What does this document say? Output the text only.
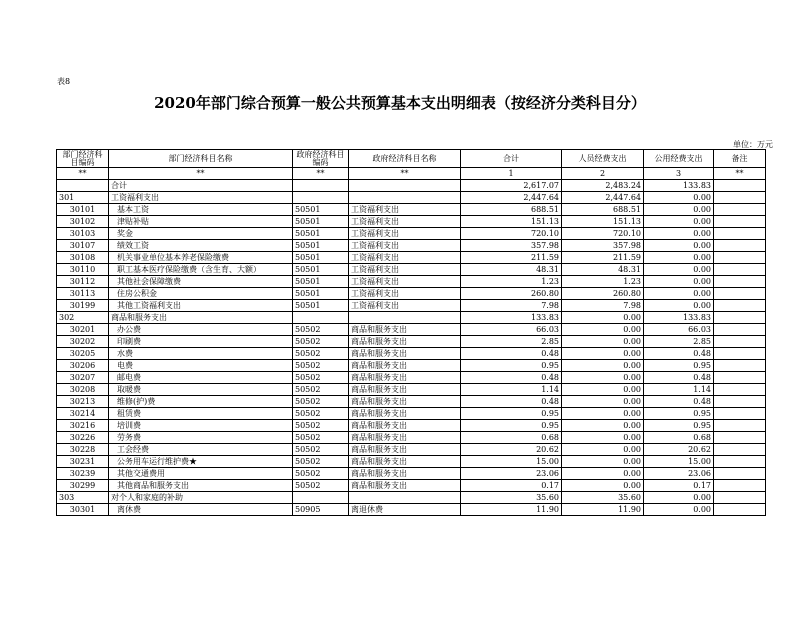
表8
2020年部门综合预算一般公共预算基本支出明细表（按经济分类科目分）
单位：万元
部门经济科目编码	部门经济科目名称	政府经济科目编码	政府经济科目名称	合计	人员经费支出	公用经费支出	备注
**	**	**	**	1	2	3	**
	合计			2,617.07	2,483.24	133.83	
301	工资福利支出			2,447.64	2,447.64	0.00	
30101	基本工资	50501	工资福利支出	688.51	688.51	0.00	
30102	津贴补贴	50501	工资福利支出	151.13	151.13	0.00	
30103	奖金	50501	工资福利支出	720.10	720.10	0.00	
30107	绩效工资	50501	工资福利支出	357.98	357.98	0.00	
30108	机关事业单位基本养老保险缴费	50501	工资福利支出	211.59	211.59	0.00	
30110	职工基本医疗保险缴费（含生育、大额）	50501	工资福利支出	48.31	48.31	0.00	
30112	其他社会保障缴费	50501	工资福利支出	1.23	1.23	0.00	
30113	住房公积金	50501	工资福利支出	260.80	260.80	0.00	
30199	其他工资福利支出	50501	工资福利支出	7.98	7.98	0.00	
302	商品和服务支出			133.83	0.00	133.83	
30201	办公费	50502	商品和服务支出	66.03	0.00	66.03	
30202	印刷费	50502	商品和服务支出	2.85	0.00	2.85	
30205	水费	50502	商品和服务支出	0.48	0.00	0.48	
30206	电费	50502	商品和服务支出	0.95	0.00	0.95	
30207	邮电费	50502	商品和服务支出	0.48	0.00	0.48	
30208	取暖费	50502	商品和服务支出	1.14	0.00	1.14	
30213	维修(护)费	50502	商品和服务支出	0.48	0.00	0.48	
30214	租赁费	50502	商品和服务支出	0.95	0.00	0.95	
30216	培训费	50502	商品和服务支出	0.95	0.00	0.95	
30226	劳务费	50502	商品和服务支出	0.68	0.00	0.68	
30228	工会经费	50502	商品和服务支出	20.62	0.00	20.62	
30231	公务用车运行维护费★	50502	商品和服务支出	15.00	0.00	15.00	
30239	其他交通费用	50502	商品和服务支出	23.06	0.00	23.06	
30299	其他商品和服务支出	50502	商品和服务支出	0.17	0.00	0.17	
303	对个人和家庭的补助			35.60	35.60	0.00	
30301	离休费	50905	离退休费	11.90	11.90	0.00	
